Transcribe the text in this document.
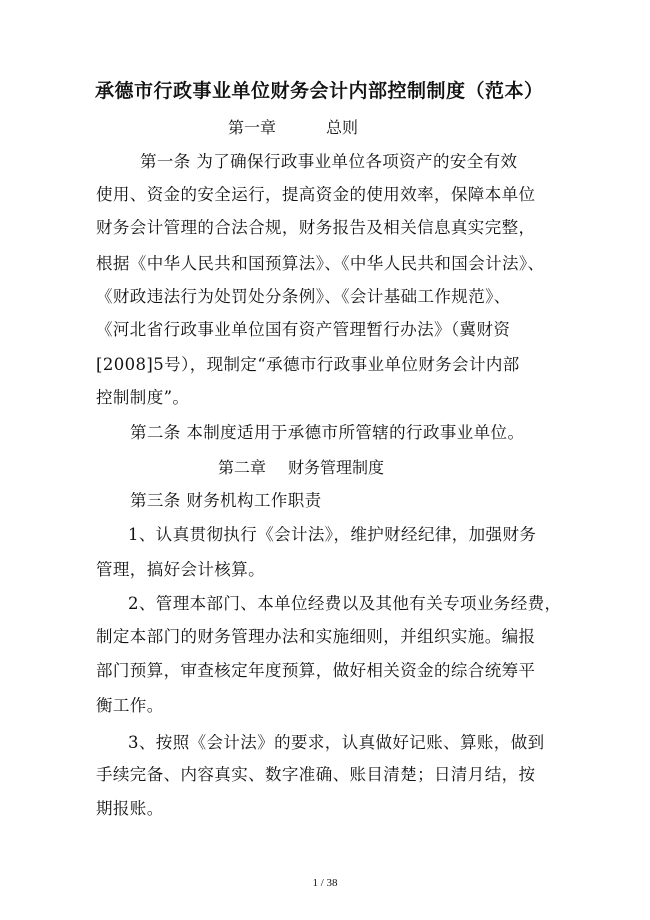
承德市行政事业单位财务会计内部控制制度（范本）
第一章	总则
第一条 为了确保行政事业单位各项资产的安全有效
使用、资金的安全运行，提高资金的使用效率，保障本单位
财务会计管理的合法合规，财务报告及相关信息真实完整，
根据《中华人民共和国预算法》、《中华人民共和国会计法》、
《财政违法行为处罚处分条例》、《会计基础工作规范》、
《河北省行政事业单位国有资产管理暂行办法》（冀财资
[2008]5号），现制定“承德市行政事业单位财务会计内部
控制制度”。
第二条 本制度适用于承德市所管辖的行政事业单位。
第二章 财务管理制度
第三条 财务机构工作职责
1、认真贯彻执行《会计法》，维护财经纪律，加强财务
管理，搞好会计核算。
2、管理本部门、本单位经费以及其他有关专项业务经费，
制定本部门的财务管理办法和实施细则，并组织实施。编报
部门预算，审查核定年度预算，做好相关资金的综合统筹平
衡工作。
3、按照《会计法》的要求，认真做好记账、算账，做到
手续完备、内容真实、数字准确、账目清楚；日清月结，按
期报账。
1 / 38
